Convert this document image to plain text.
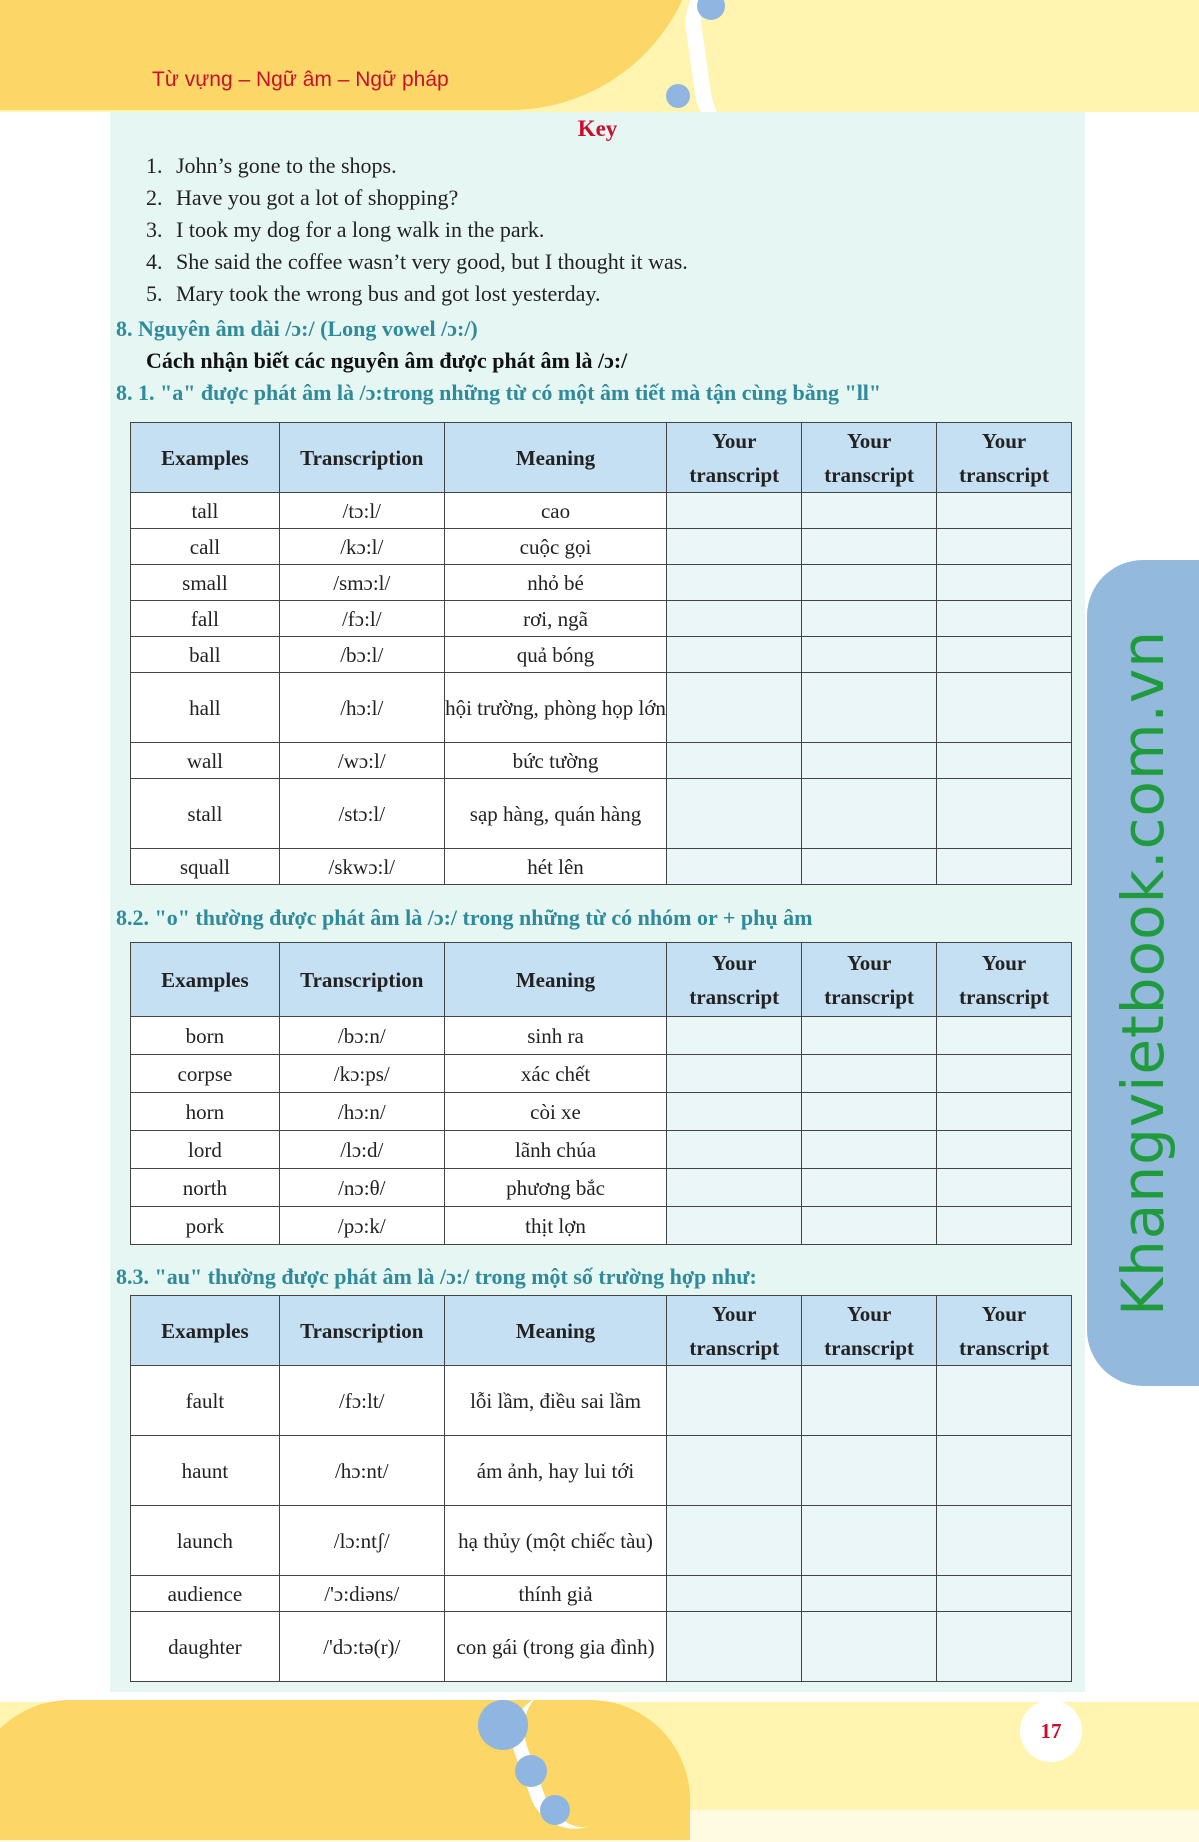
Từ vựng – Ngữ âm – Ngữ pháp
Khangvietbook.com.vn
17
Key
1. John’s gone to the shops.
2. Have you got a lot of shopping?
3. I took my dog for a long walk in the park.
4. She said the coffee wasn’t very good, but I thought it was.
5. Mary took the wrong bus and got lost yesterday.
8. Nguyên âm dài /ɔ:/ (Long vowel /ɔ:/)
Cách nhận biết các nguyên âm được phát âm là /ɔ:/
8. 1. "a" được phát âm là /ɔ:trong những từ có một âm tiết mà tận cùng bằng "ll"
Examples	Transcription	Meaning	Your transcript	Your transcript	Your transcript
tall	/tɔ:l/	cao			
call	/kɔ:l/	cuộc gọi			
small	/smɔ:l/	nhỏ bé			
fall	/fɔ:l/	rơi, ngã			
ball	/bɔ:l/	quả bóng			
hall	/hɔ:l/	hội trường, phòng họp lớn			
wall	/wɔ:l/	bức tường			
stall	/stɔ:l/	sạp hàng, quán hàng			
squall	/skwɔ:l/	hét lên			
8.2. "o" thường được phát âm là /ɔ:/ trong những từ có nhóm or + phụ âm
Examples	Transcription	Meaning	Your transcript	Your transcript	Your transcript
born	/bɔ:n/	sinh ra			
corpse	/kɔ:ps/	xác chết			
horn	/hɔ:n/	còi xe			
lord	/lɔ:d/	lãnh chúa			
north	/nɔ:θ/	phương bắc			
pork	/pɔ:k/	thịt lợn			
8.3. "au" thường được phát âm là /ɔ:/ trong một số trường hợp như:
Examples	Transcription	Meaning	Your transcript	Your transcript	Your transcript
fault	/fɔ:lt/	lỗi lầm, điều sai lầm			
haunt	/hɔ:nt/	ám ảnh, hay lui tới			
launch	/lɔ:ntʃ/	hạ thủy (một chiếc tàu)			
audience	/'ɔ:diəns/	thính giả			
daughter	/'dɔ:tə(r)/	con gái (trong gia đình)			
